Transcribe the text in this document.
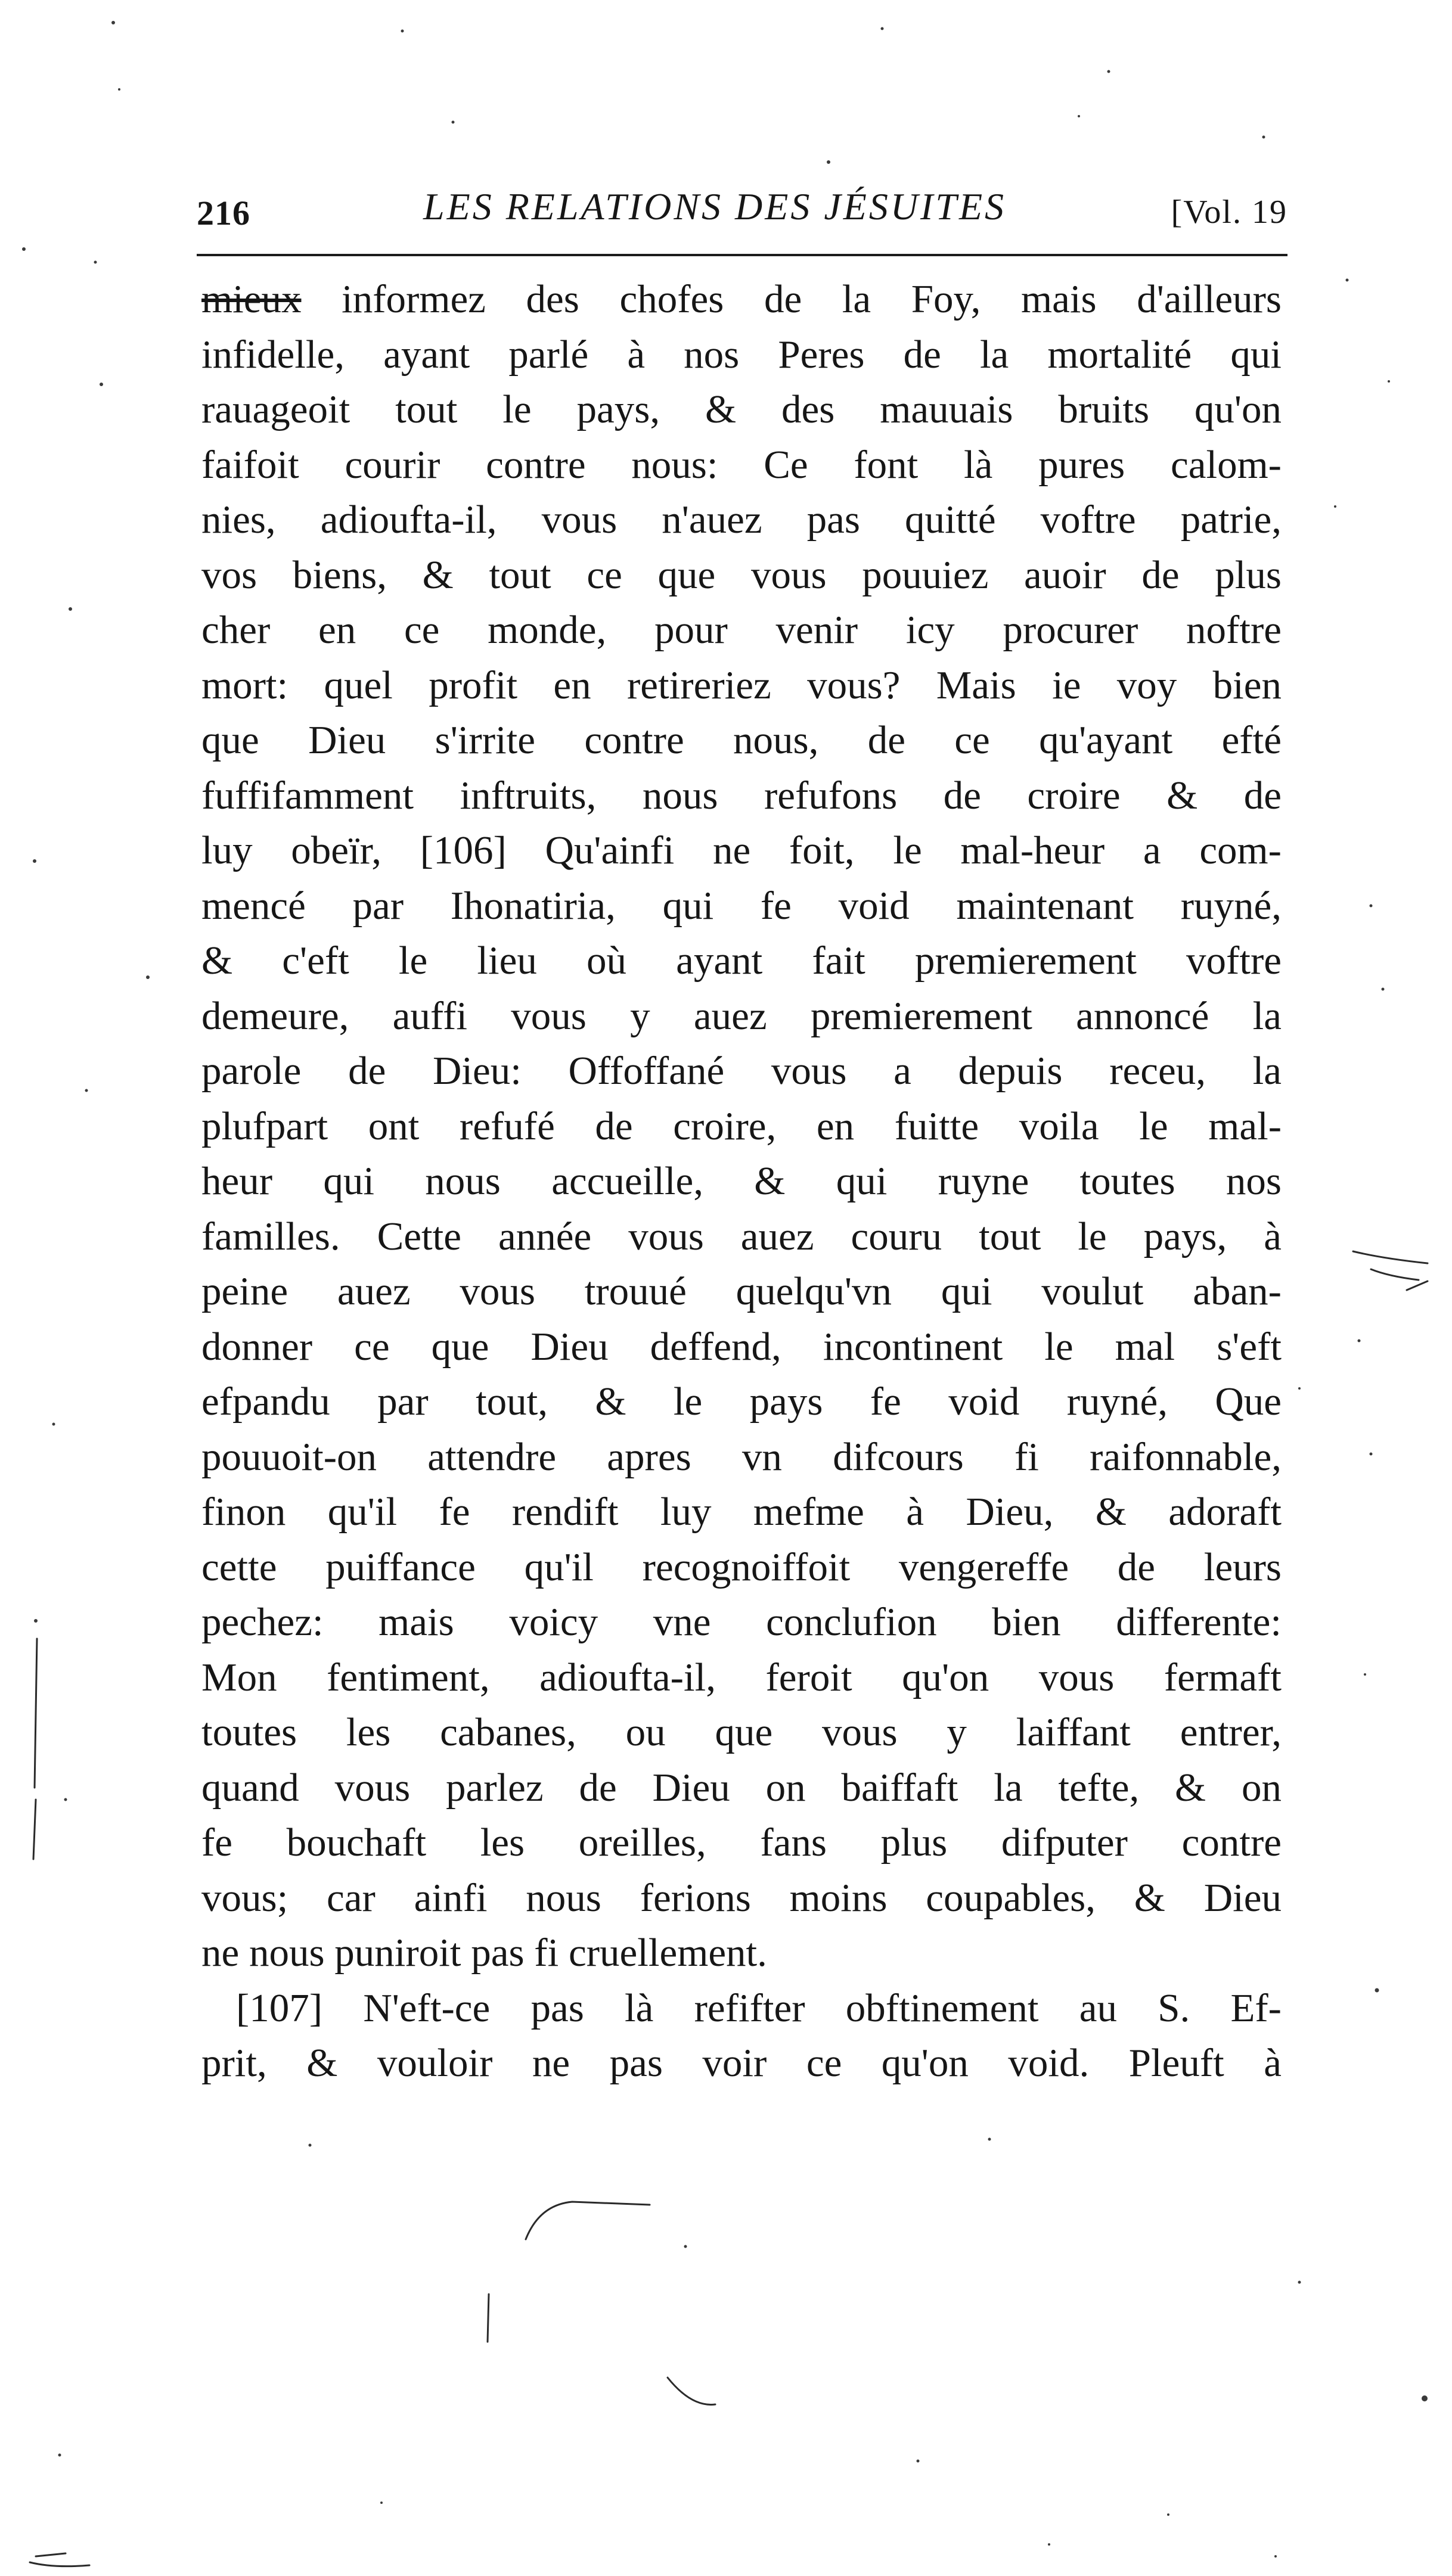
216	LES RELATIONS DES JÉSUITES	[Vol. 19
mieux informez des chofes de la Foy, mais d'ailleurs
infidelle, ayant parlé à nos Peres de la mortalité qui
rauageoit tout le pays, & des mauuais bruits qu'on
faifoit courir contre nous: Ce font là pures calom-
nies, adioufta-il, vous n'auez pas quitté voftre patrie,
vos biens, & tout ce que vous pouuiez auoir de plus
cher en ce monde, pour venir icy procurer noftre
mort: quel profit en retireriez vous? Mais ie voy bien
que Dieu s'irrite contre nous, de ce qu'ayant efté
fuffifamment inftruits, nous refufons de croire & de
luy obeïr, [106] Qu'ainfi ne foit, le mal-heur a com-
mencé par Ihonatiria, qui fe void maintenant ruyné,
& c'eft le lieu où ayant fait premierement voftre
demeure, auffi vous y auez premierement annoncé la
parole de Dieu: Offoffané vous a depuis receu, la
plufpart ont refufé de croire, en fuitte voila le mal-
heur qui nous accueille, & qui ruyne toutes nos
familles. Cette année vous auez couru tout le pays, à
peine auez vous trouué quelqu'vn qui voulut aban-
donner ce que Dieu deffend, incontinent le mal s'eft
efpandu par tout, & le pays fe void ruyné, Que
pouuoit-on attendre apres vn difcours fi raifonnable,
finon qu'il fe rendift luy mefme à Dieu, & adoraft
cette puiffance qu'il recognoiffoit vengereffe de leurs
pechez: mais voicy vne conclufion bien differente:
Mon fentiment, adioufta-il, feroit qu'on vous fermaft
toutes les cabanes, ou que vous y laiffant entrer,
quand vous parlez de Dieu on baiffaft la tefte, & on
fe bouchaft les oreilles, fans plus difputer contre
vous; car ainfi nous ferions moins coupables, & Dieu
ne nous puniroit pas fi cruellement.
[107] N'eft-ce pas là refifter obftinement au S. Ef-
prit, & vouloir ne pas voir ce qu'on void. Pleuft à
